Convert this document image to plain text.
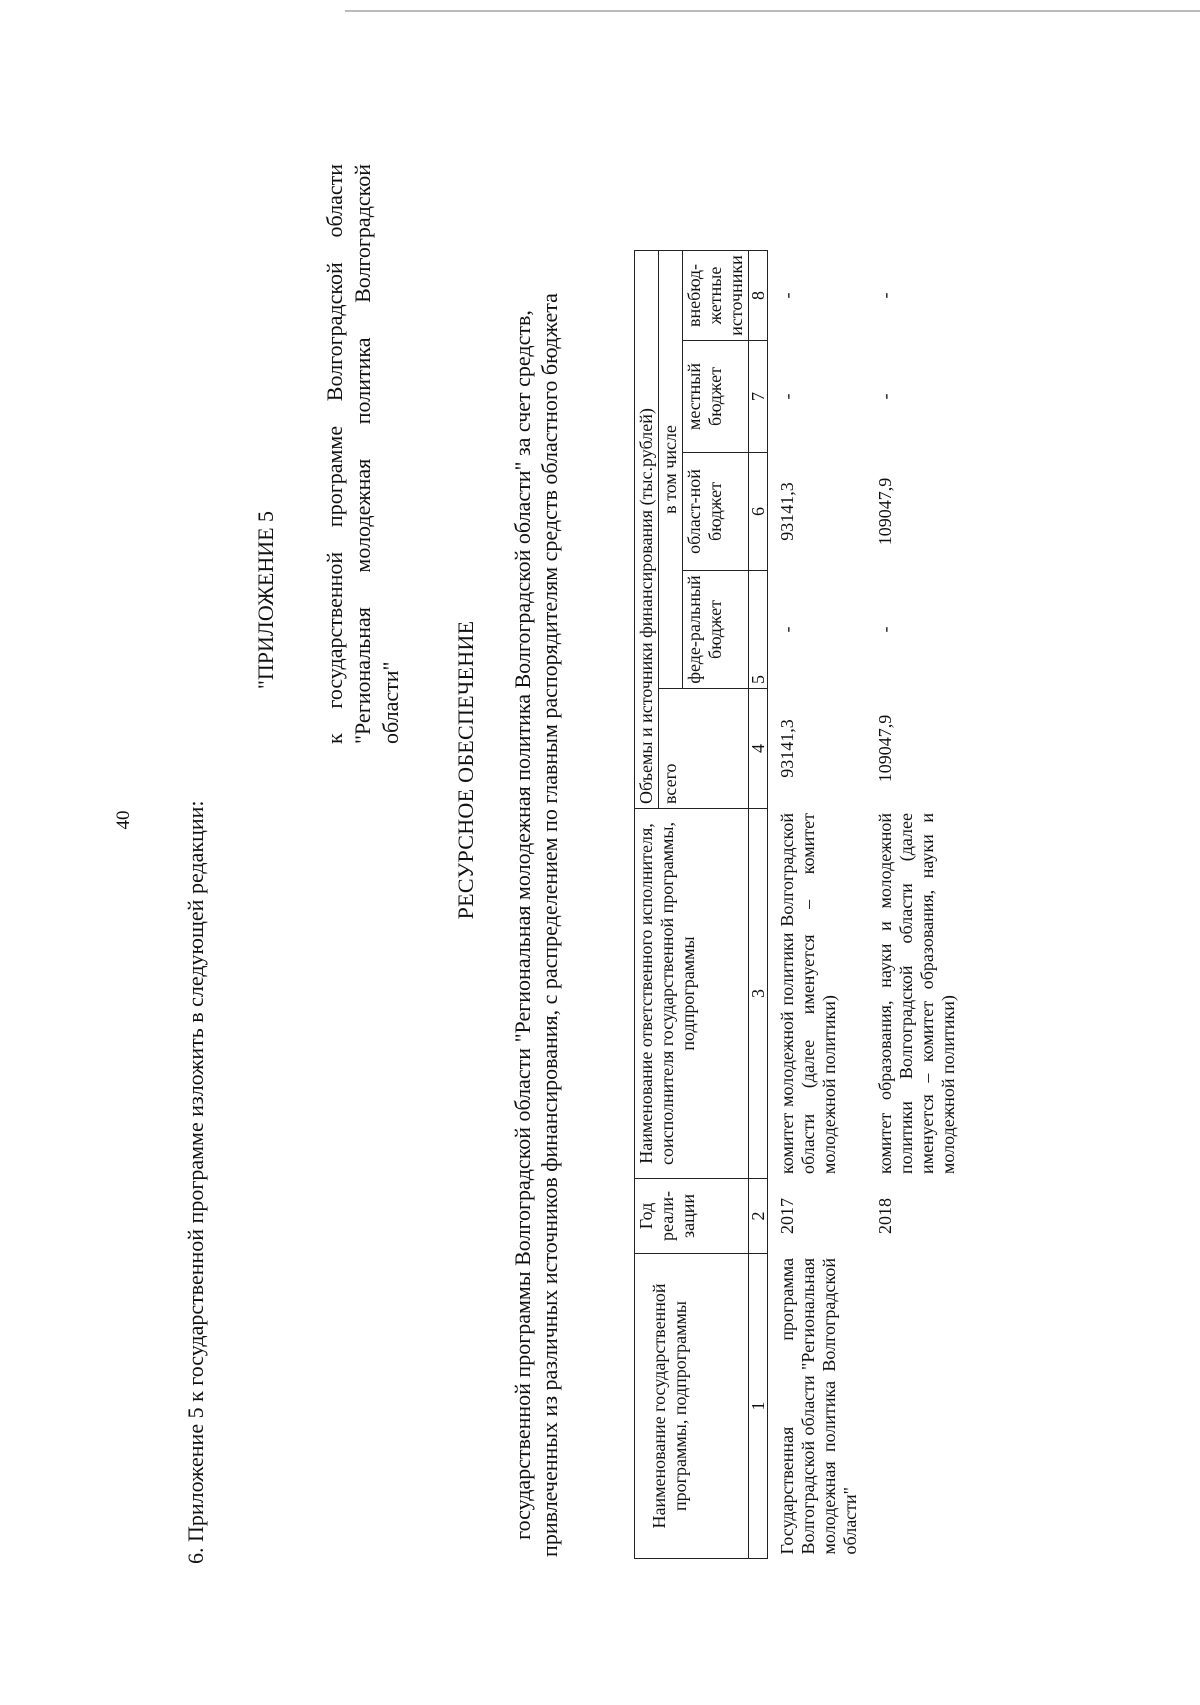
40 6. Приложение 5 к государственной программе изложить в следующей редакции:
"ПРИЛОЖЕНИЕ 5 к государственной программе Волгоградской области "Региональная молодежная политика Волгоградской области" РЕСУРСНОЕ ОБЕСПЕЧЕНИЕ государственной программы Волгоградской области "Региональная молодежная политика Волгоградской области" за счет средств, привлеченных из различных источников финансирования, с распределением по главным распорядителям средств областного бюджета	Наименование государственной программы, подпрограммы	Год реали-зации	Наименование ответственного исполнителя, соисполнителя государственной программы, подпрограммы	Объемы и источники финансирования (тыс.рублей)					
			всего	в том числе				
				феде-ральный бюджет	област-ной бюджет	местный бюджет	внебюд-жетные источники	
1	2	3	4	5	6	7	8	

Государственная программа Волгоградской области "Региональная молодежная политика Волгоградской области"	2017	комитет молодежной политики Волгоградской области (далее именуется – комитет молодежной политики)	93141,3	-	93141,3	-	-	
	2018	комитет образования, науки и молодежной политики Волгоградской области (далее именуется – комитет образования, науки и молодежной политики)	109047,9	-	109047,9	-	-	
